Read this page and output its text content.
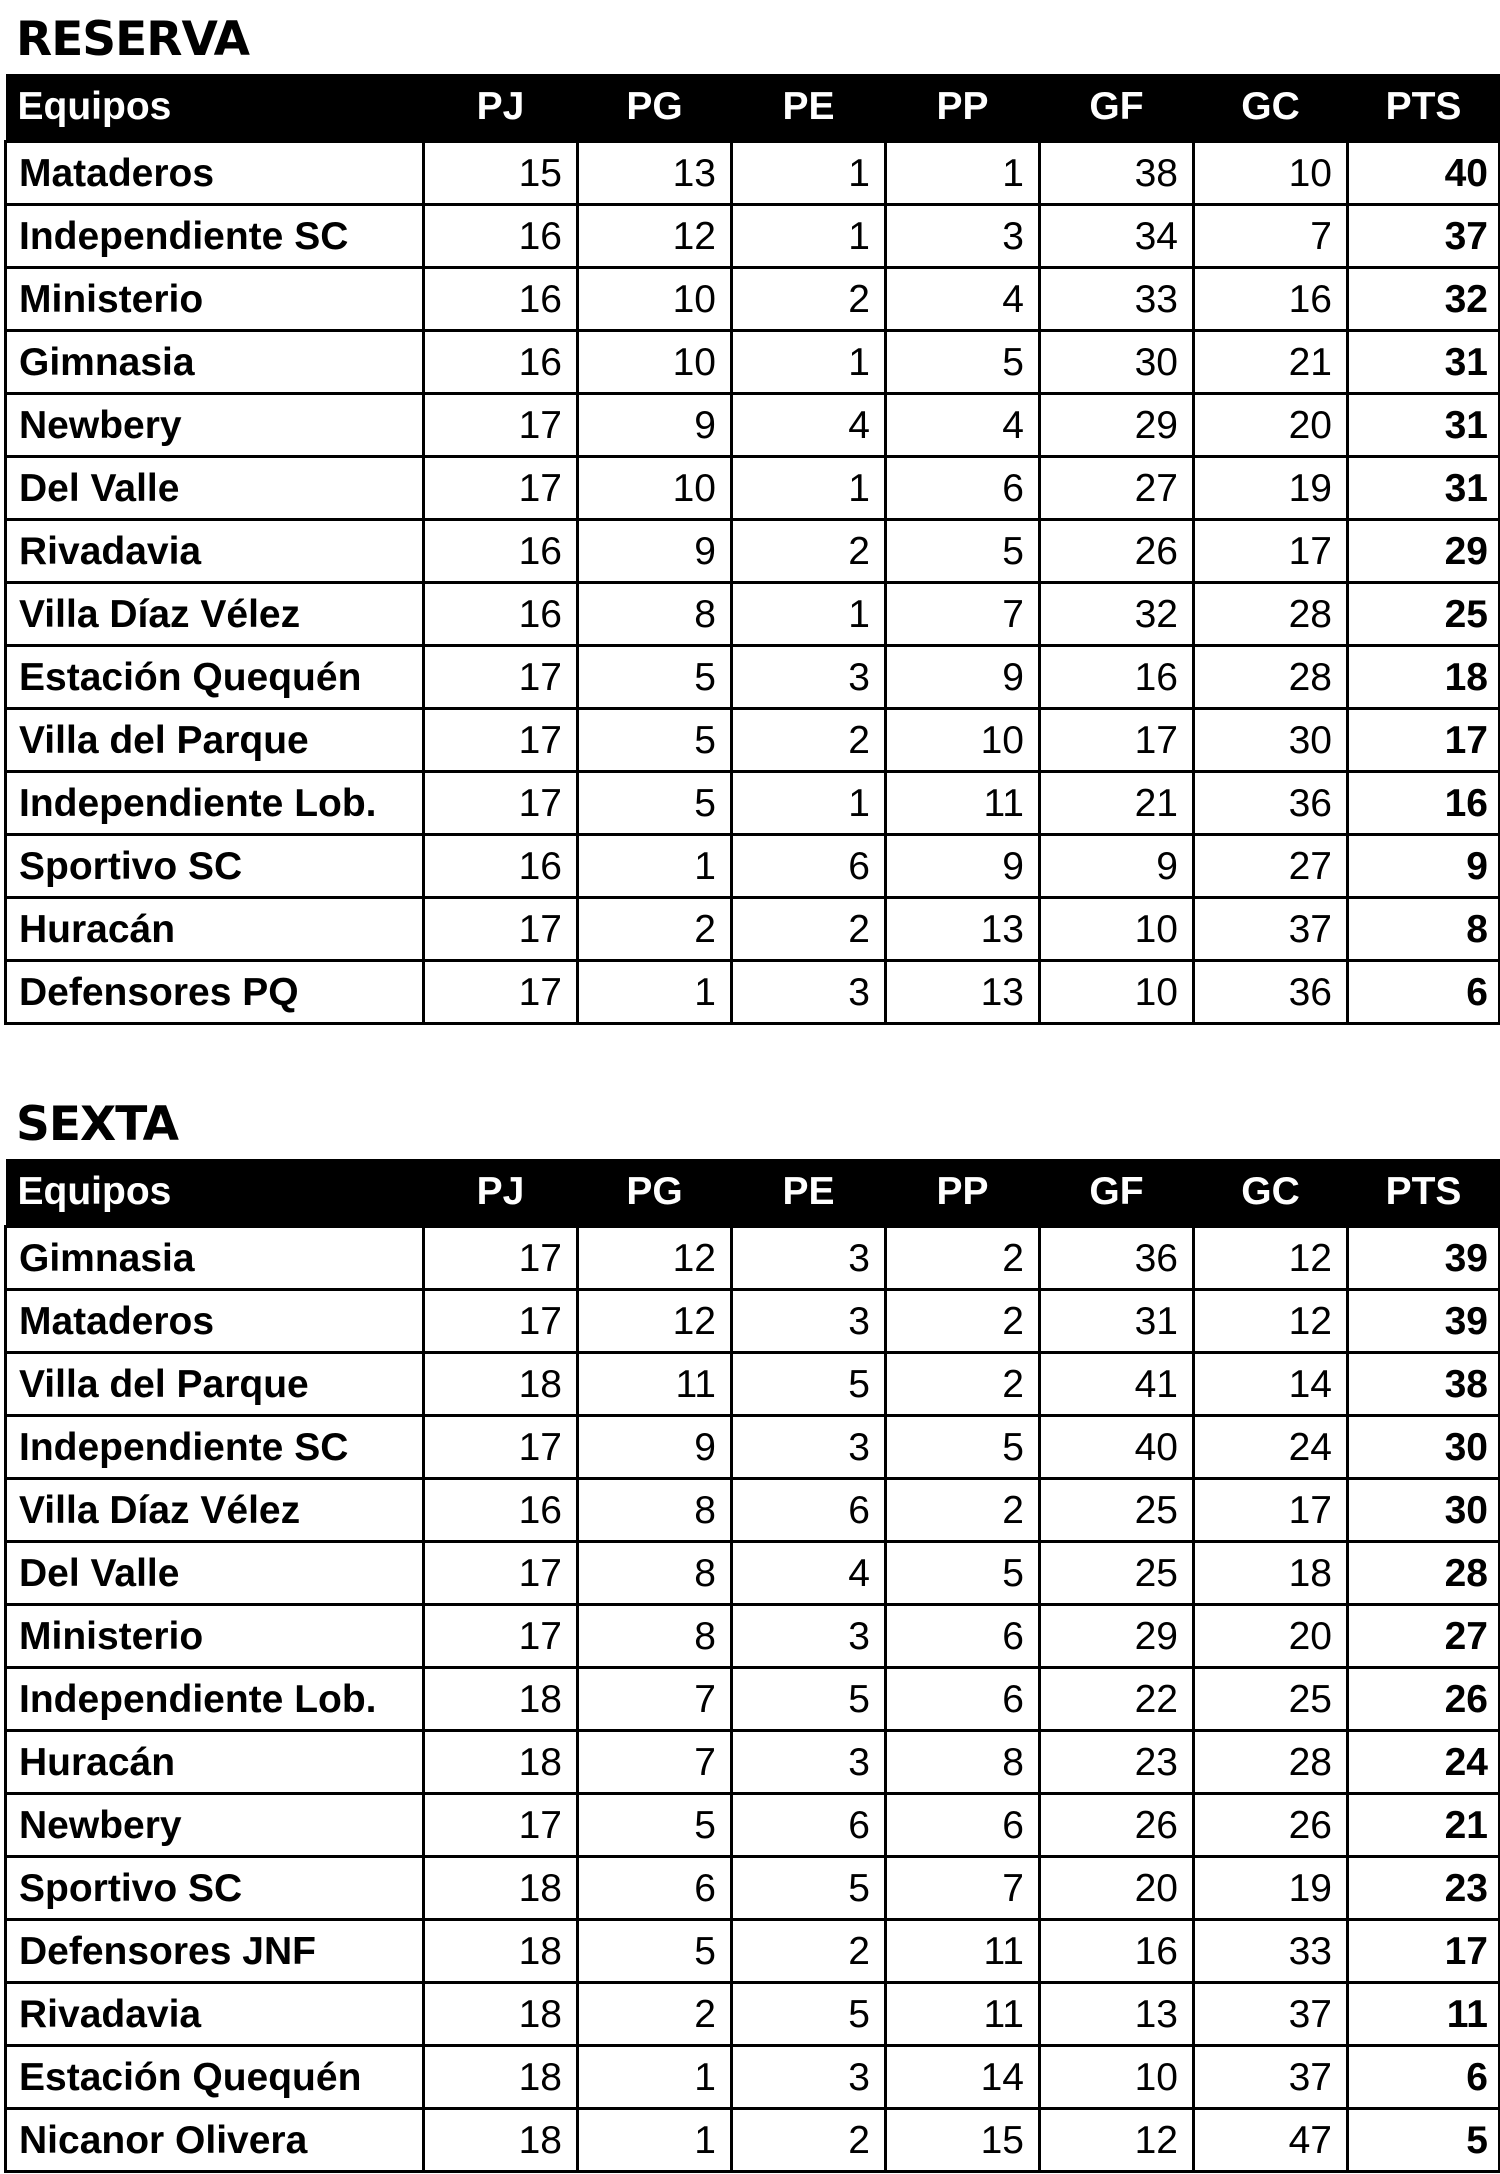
RESERVA
Equipos	PJ	PG	PE	PP	GF	GC	PTS
Mataderos	15	13	1	1	38	10	40
Independiente SC	16	12	1	3	34	7	37
Ministerio	16	10	2	4	33	16	32
Gimnasia	16	10	1	5	30	21	31
Newbery	17	9	4	4	29	20	31
Del Valle	17	10	1	6	27	19	31
Rivadavia	16	9	2	5	26	17	29
Villa Díaz Vélez	16	8	1	7	32	28	25
Estación Quequén	17	5	3	9	16	28	18
Villa del Parque	17	5	2	10	17	30	17
Independiente Lob.	17	5	1	11	21	36	16
Sportivo SC	16	1	6	9	9	27	9
Huracán	17	2	2	13	10	37	8
Defensores PQ	17	1	3	13	10	36	6
SEXTA
Equipos	PJ	PG	PE	PP	GF	GC	PTS
Gimnasia	17	12	3	2	36	12	39
Mataderos	17	12	3	2	31	12	39
Villa del Parque	18	11	5	2	41	14	38
Independiente SC	17	9	3	5	40	24	30
Villa Díaz Vélez	16	8	6	2	25	17	30
Del Valle	17	8	4	5	25	18	28
Ministerio	17	8	3	6	29	20	27
Independiente Lob.	18	7	5	6	22	25	26
Huracán	18	7	3	8	23	28	24
Newbery	17	5	6	6	26	26	21
Sportivo SC	18	6	5	7	20	19	23
Defensores JNF	18	5	2	11	16	33	17
Rivadavia	18	2	5	11	13	37	11
Estación Quequén	18	1	3	14	10	37	6
Nicanor Olivera	18	1	2	15	12	47	5
